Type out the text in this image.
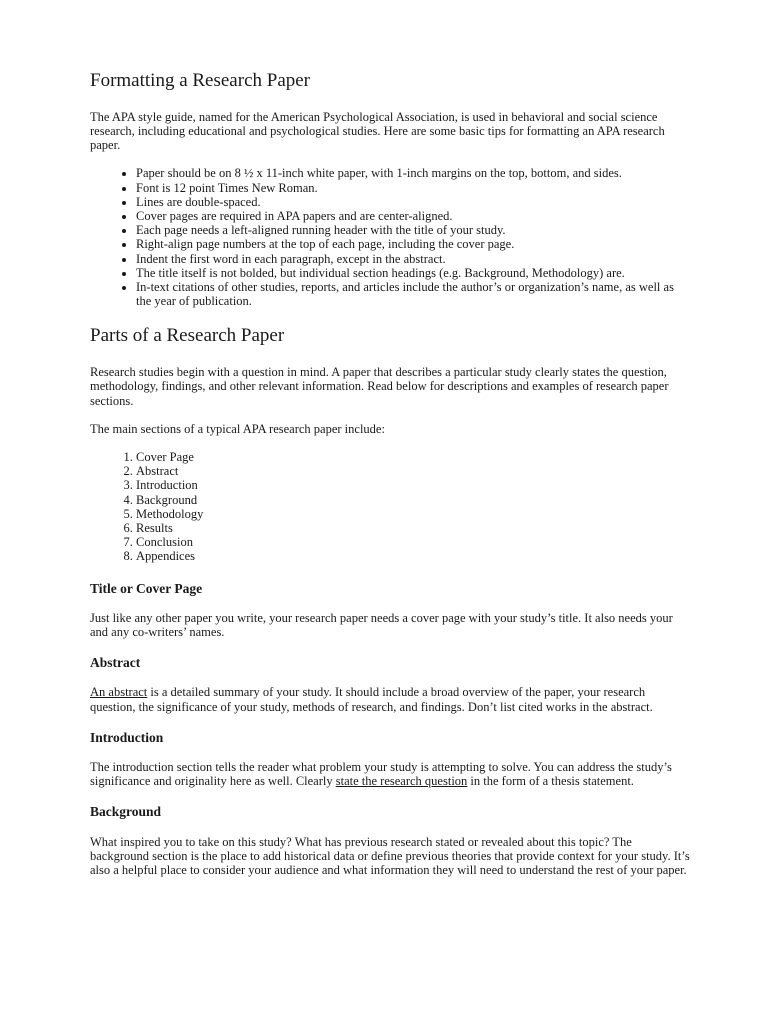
Formatting a Research Paper

The APA style guide, named for the American Psychological Association, is used in behavioral and social science research, including educational and psychological studies. Here are some basic tips for formatting an APA research paper.

• Paper should be on 8 ½ x 11-inch white paper, with 1-inch margins on the top, bottom, and sides.
• Font is 12 point Times New Roman.
• Lines are double-spaced.
• Cover pages are required in APA papers and are center-aligned.
• Each page needs a left-aligned running header with the title of your study.
• Right-align page numbers at the top of each page, including the cover page.
• Indent the first word in each paragraph, except in the abstract.
• The title itself is not bolded, but individual section headings (e.g. Background, Methodology) are.
• In-text citations of other studies, reports, and articles include the author’s or organization’s name, as well as the year of publication.
Parts of a Research Paper

Research studies begin with a question in mind. A paper that describes a particular study clearly states the question, methodology, findings, and other relevant information. Read below for descriptions and examples of research paper sections.

The main sections of a typical APA research paper include:

1. Cover Page
2. Abstract
3. Introduction
4. Background
5. Methodology
6. Results
7. Conclusion
8. Appendices
Title or Cover Page

Just like any other paper you write, your research paper needs a cover page with your study’s title. It also needs your and any co-writers’ names.

Abstract

An abstract is a detailed summary of your study. It should include a broad overview of the paper, your research question, the significance of your study, methods of research, and findings. Don’t list cited works in the abstract.

Introduction

The introduction section tells the reader what problem your study is attempting to solve. You can address the study’s significance and originality here as well. Clearly state the research question in the form of a thesis statement.

Background

What inspired you to take on this study? What has previous research stated or revealed about this topic? The background section is the place to add historical data or define previous theories that provide context for your study. It’s also a helpful place to consider your audience and what information they will need to understand the rest of your paper.
